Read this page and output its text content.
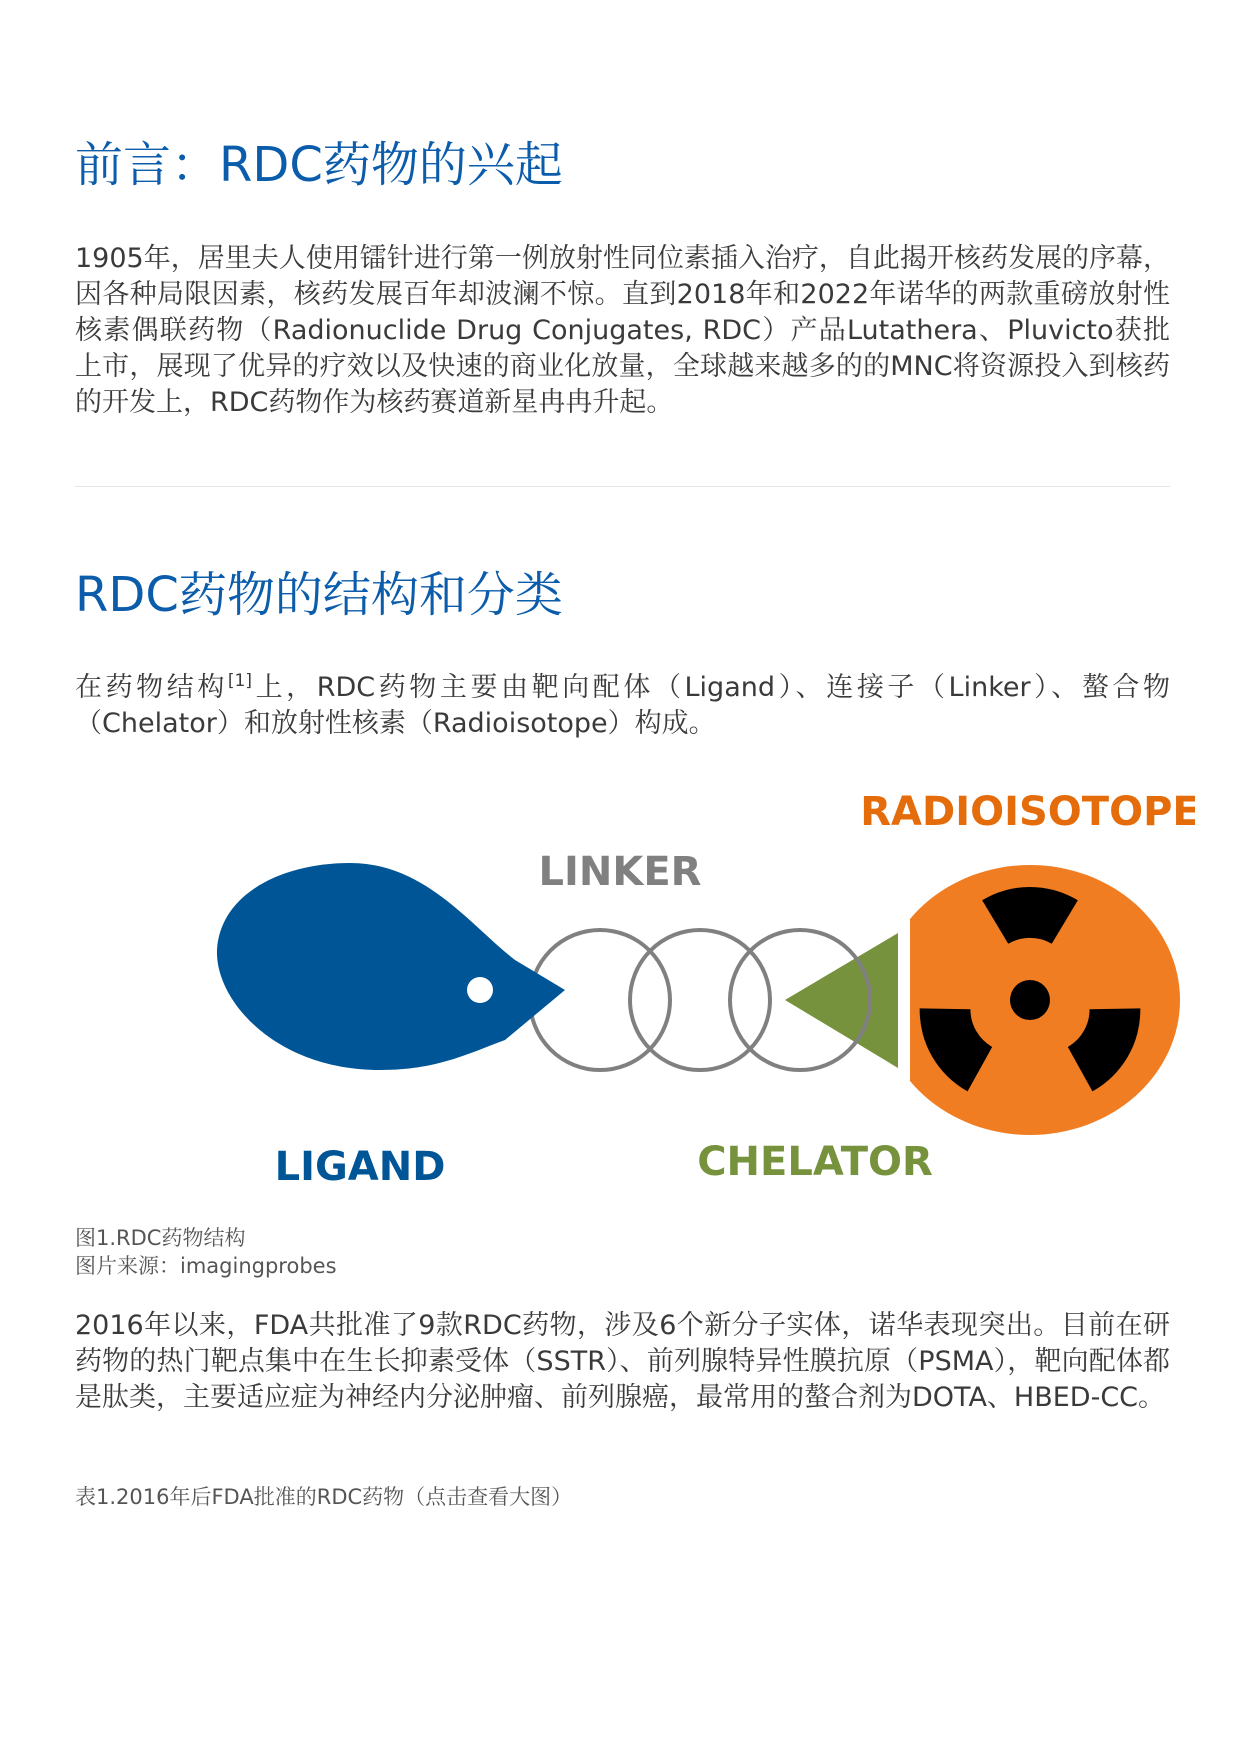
前言：RDC药物的兴起

1905年，居里夫人使用镭针进行第一例放射性同位素插入治疗，自此揭开核药发展的序幕，因各种局限因素，核药发展百年却波澜不惊。直到2018年和2022年诺华的两款重磅放射性核素偶联药物（Radionuclide Drug Conjugates, RDC）产品Lutathera、Pluvicto获批上市，展现了优异的疗效以及快速的商业化放量，全球越来越多的的MNC将资源投入到核药的开发上，RDC药物作为核药赛道新星冉冉升起。

RDC药物的结构和分类

在药物结构[1]上，RDC药物主要由靶向配体（Ligand）、连接子（Linker）、螯合物（Chelator）和放射性核素（Radioisotope）构成。

RADIOISOTOPE
LINKER
LIGAND	CHELATOR
图1.RDC药物结构
图片来源：imagingprobes

2016年以来，FDA共批准了9款RDC药物，涉及6个新分子实体，诺华表现突出。目前在研药物的热门靶点集中在生长抑素受体（SSTR）、前列腺特异性膜抗原（PSMA），靶向配体都是肽类，主要适应症为神经内分泌肿瘤、前列腺癌，最常用的螯合剂为DOTA、HBED-CC。

表1.2016年后FDA批准的RDC药物（点击查看大图）
